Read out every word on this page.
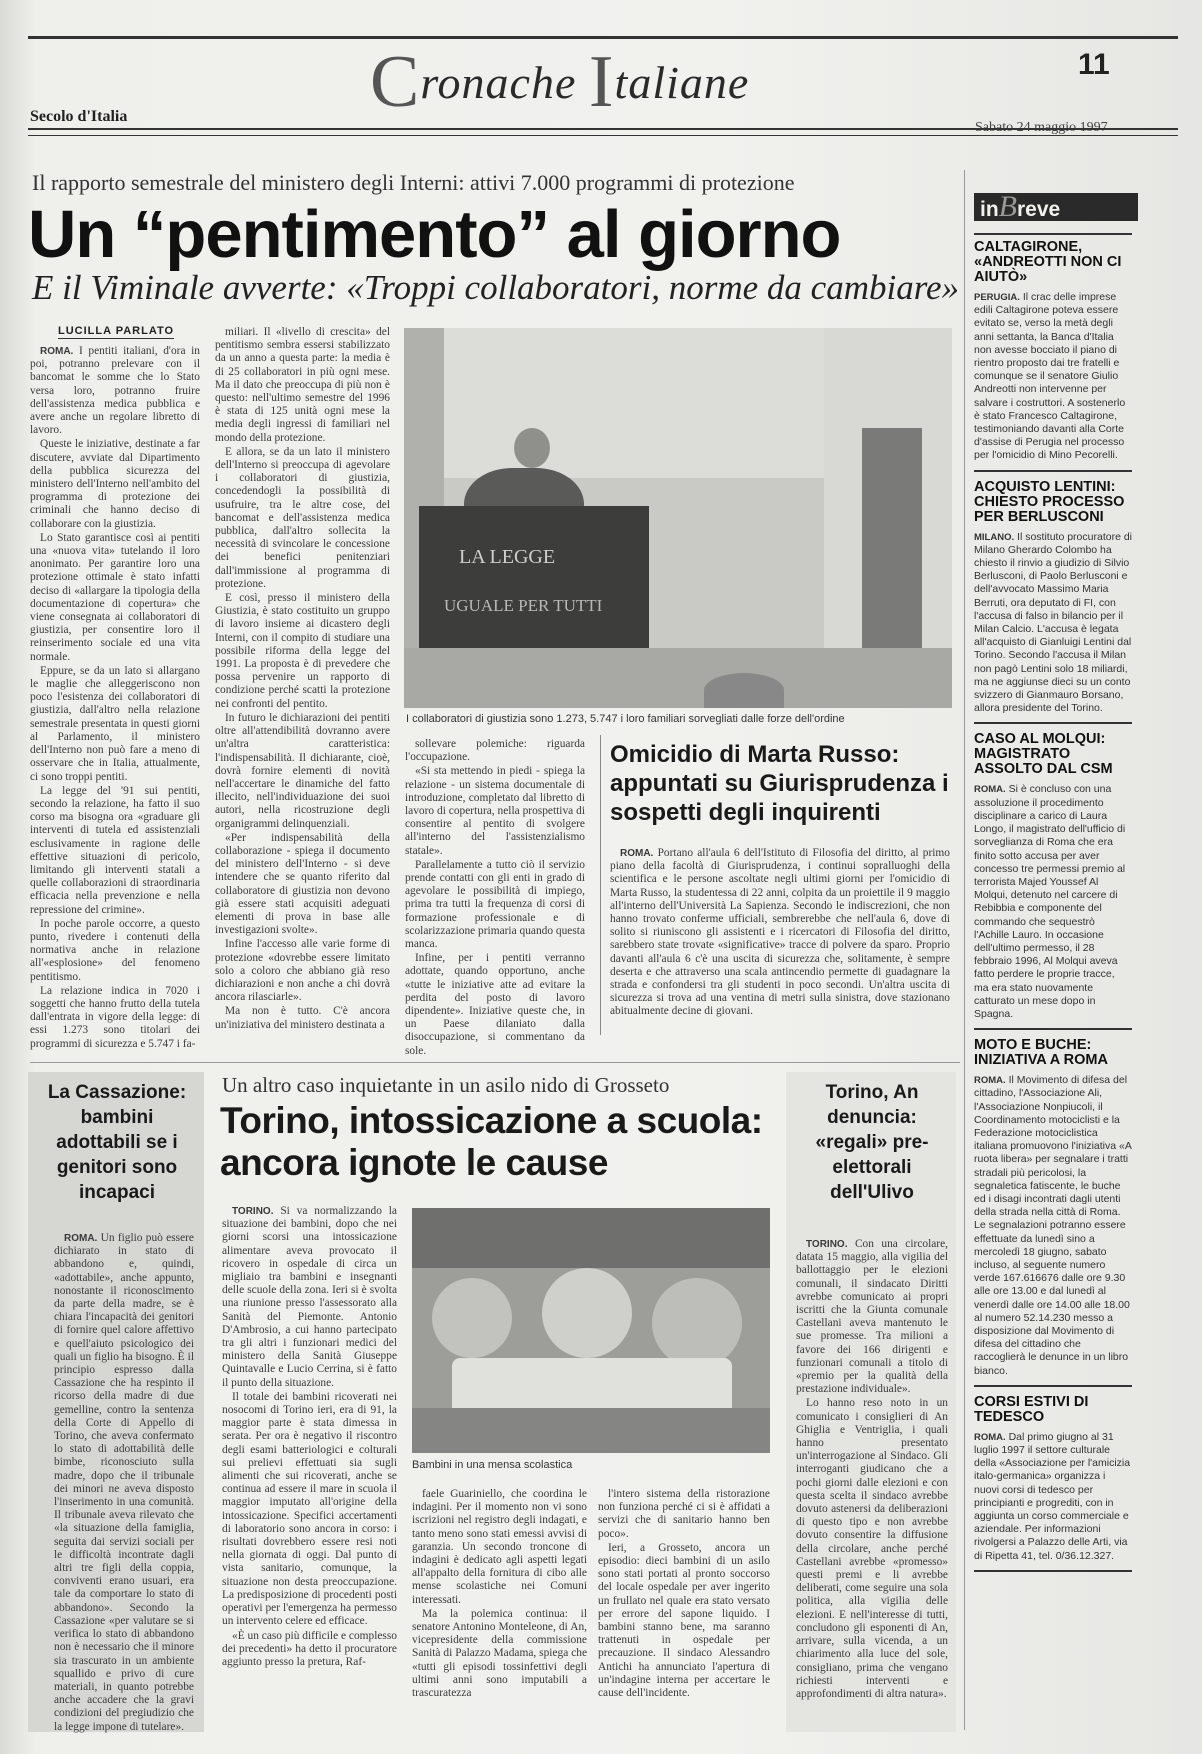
Cronache Italiane	11
Secolo d'Italia
Il rapporto semestrale del ministero degli Interni: attivi 7.000 programmi di protezione
Un “pentimento” al giorno
E il Viminale avverte: «Troppi collaboratori, norme da cambiare»
LUCILLA PARLATO

ROMA. I pentiti italiani, d'ora in poi, potranno prelevare con il bancomat le somme che lo Stato versa loro, potranno fruire dell'assistenza medica pubblica e avere anche un regolare libretto di lavoro.

Queste le iniziative, destinate a far discutere, avviate dal Dipartimento della pubblica sicurezza del ministero dell'Interno nell'ambito del programma di protezione dei criminali che hanno deciso di collaborare con la giustizia.

Lo Stato garantisce così ai pentiti una «nuova vita» tutelando il loro anonimato. Per garantire loro una protezione ottimale è stato infatti deciso di «allargare la tipologia della documentazione di copertura» che viene consegnata ai collaboratori di giustizia, per consentire loro il reinserimento sociale ed una vita normale.

Eppure, se da un lato si allargano le maglie che alleggeriscono non poco l'esistenza dei collaboratori di giustizia, dall'altro nella relazione semestrale presentata in questi giorni al Parlamento, il ministero dell'Interno non può fare a meno di osservare che in Italia, attualmente, ci sono troppi pentiti.

La legge del '91 sui pentiti, secondo la relazione, ha fatto il suo corso ma bisogna ora «graduare gli interventi di tutela ed assistenziali esclusivamente in ragione delle effettive situazioni di pericolo, limitando gli interventi statali a quelle collaborazioni di straordinaria efficacia nella prevenzione e nella repressione del crimine».

In poche parole occorre, a questo punto, rivedere i contenuti della normativa anche in relazione all'«esplosione» del fenomeno pentitismo.

La relazione indica in 7020 i soggetti che hanno frutto della tutela dall'entrata in vigore della legge: di essi 1.273 sono titolari dei programmi di sicurezza e 5.747 i fa-

miliari. Il «livello di crescita» del pentitismo sembra essersi stabilizzato da un anno a questa parte: la media è di 25 collaboratori in più ogni mese. Ma il dato che preoccupa di più non è questo: nell'ultimo semestre del 1996 è stata di 125 unità ogni mese la media degli ingressi di familiari nel mondo della protezione.

E allora, se da un lato il ministero dell'Interno si preoccupa di agevolare i collaboratori di giustizia, concedendogli la possibilità di usufruire, tra le altre cose, del bancomat e dell'assistenza medica pubblica, dall'altro sollecita la necessità di svincolare le concessione dei benefici penitenziari dall'immissione al programma di protezione.

E così, presso il ministero della Giustizia, è stato costituito un gruppo di lavoro insieme ai dicastero degli Interni, con il compito di studiare una possibile riforma della legge del 1991. La proposta è di prevedere che possa pervenire un rapporto di condizione perché scatti la protezione nei confronti del pentito.

In futuro le dichiarazioni dei pentiti oltre all'attendibilità dovranno avere un'altra caratteristica: l'indispensabilità. Il dichiarante, cioè, dovrà fornire elementi di novità nell'accertare le dinamiche del fatto illecito, nell'individuazione dei suoi autori, nella ricostruzione degli organigrammi delinquenziali.

«Per indispensabilità della collaborazione - spiega il documento del ministero dell'Interno - si deve intendere che se quanto riferito dal collaboratore di giustizia non devono già essere stati acquisiti adeguati elementi di prova in base alle investigazioni svolte».

Infine l'accesso alle varie forme di protezione «dovrebbe essere limitato solo a coloro che abbiano già reso dichiarazioni e non anche a chi dovrà ancora rilasciarle».

Ma non è tutto. C'è ancora un'iniziativa del ministero destinata a

sollevare polemiche: riguarda l'occupazione.

«Si sta mettendo in piedi - spiega la relazione - un sistema documentale di introduzione, completato dal libretto di lavoro di copertura, nella prospettiva di consentire al pentito di svolgere all'interno del l'assistenzialismo statale».

Parallelamente a tutto ciò il servizio prende contatti con gli enti in grado di agevolare le possibilità di impiego, prima tra tutti la frequenza di corsi di formazione professionale e di scolarizzazione primaria quando questa manca.

Infine, per i pentiti verranno adottate, quando opportuno, anche «tutte le iniziative atte ad evitare la perdita del posto di lavoro dipendente». Iniziative queste che, in un Paese dilaniato dalla disoccupazione, si commentano da sole.

LA LEGGE
UGUALE PER TUTTI
I collaboratori di giustizia sono 1.273, 5.747 i loro familiari sorvegliati dalle forze dell'ordine
Omicidio di Marta Russo: appuntati su Giurisprudenza i sospetti degli inquirenti

ROMA. Portano all'aula 6 dell'Istituto di Filosofia del diritto, al primo piano della facoltà di Giurisprudenza, i continui sopralluoghi della scientifica e le persone ascoltate negli ultimi giorni per l'omicidio di Marta Russo, la studentessa di 22 anni, colpita da un proiettile il 9 maggio all'interno dell'Università La Sapienza. Secondo le indiscrezioni, che non hanno trovato conferme ufficiali, sembrerebbe che nell'aula 6, dove di solito si riuniscono gli assistenti e i ricercatori di Filosofia del diritto, sarebbero state trovate «significative» tracce di polvere da sparo. Proprio davanti all'aula 6 c'è una uscita di sicurezza che, solitamente, è sempre deserta e che attraverso una scala antincendio permette di guadagnare la strada e confondersi tra gli studenti in poco secondi. Un'altra uscita di sicurezza si trova ad una ventina di metri sulla sinistra, dove stazionano abitualmente decine di giovani.

inBreve
CALTAGIRONE, «ANDREOTTI NON CI AIUTÒ»
PERUGIA. Il crac delle imprese edili Caltagirone poteva essere evitato se, verso la metà degli anni settanta, la Banca d'Italia non avesse bocciato il piano di rientro proposto dai tre fratelli e comunque se il senatore Giulio Andreotti non intervenne per salvare i costruttori. A sostenerlo è stato Francesco Caltagirone, testimoniando davanti alla Corte d'assise di Perugia nel processo per l'omicidio di Mino Pecorelli.
ACQUISTO LENTINI: CHIESTO PROCESSO PER BERLUSCONI
MILANO. Il sostituto procuratore di Milano Gherardo Colombo ha chiesto il rinvio a giudizio di Silvio Berlusconi, di Paolo Berlusconi e dell'avvocato Massimo Maria Berruti, ora deputato di FI, con l'accusa di falso in bilancio per il Milan Calcio. L'accusa è legata all'acquisto di Gianluigi Lentini dal Torino. Secondo l'accusa il Milan non pagò Lentini solo 18 miliardi, ma ne aggiunse dieci su un conto svizzero di Gianmauro Borsano, allora presidente del Torino.
CASO AL MOLQUI: MAGISTRATO ASSOLTO DAL CSM
ROMA. Si è concluso con una assoluzione il procedimento disciplinare a carico di Laura Longo, il magistrato dell'ufficio di sorveglianza di Roma che era finito sotto accusa per aver concesso tre permessi premio al terrorista Majed Youssef Al Molqui, detenuto nel carcere di Rebibbia e componente del commando che sequestrò l'Achille Lauro. In occasione dell'ultimo permesso, il 28 febbraio 1996, Al Molqui aveva fatto perdere le proprie tracce, ma era stato nuovamente catturato un mese dopo in Spagna.
MOTO E BUCHE: INIZIATIVA A ROMA
ROMA. Il Movimento di difesa del cittadino, l'Associazione Ali, l'Associazione Nonpiucoli, il Coordinamento motociclisti e la Federazione motociclistica italiana promuovono l'iniziativa «A ruota libera» per segnalare i tratti stradali più pericolosi, la segnaletica fatiscente, le buche ed i disagi incontrati dagli utenti della strada nella città di Roma. Le segnalazioni potranno essere effettuate da lunedì sino a mercoledì 18 giugno, sabato incluso, al seguente numero verde 167.616676 dalle ore 9.30 alle ore 13.00 e dal lunedì al venerdì dalle ore 14.00 alle 18.00 al numero 52.14.230 messo a disposizione dal Movimento di difesa del cittadino che raccoglierà le denunce in un libro bianco.
CORSI ESTIVI DI TEDESCO
ROMA. Dal primo giugno al 31 luglio 1997 il settore culturale della «Associazione per l'amicizia italo-germanica» organizza i nuovi corsi di tedesco per principianti e progrediti, con in aggiunta un corso commerciale e aziendale. Per informazioni rivolgersi a Palazzo delle Arti, via di Ripetta 41, tel. 0/36.12.327.
La Cassazione: bambini adottabili se i genitori sono incapaci

ROMA. Un figlio può essere dichiarato in stato di abbandono e, quindi, «adottabile», anche appunto, nonostante il riconoscimento da parte della madre, se è chiara l'incapacità dei genitori di fornire quel calore affettivo e quell'aiuto psicologico dei quali un figlio ha bisogno. È il principio espresso dalla Cassazione che ha respinto il ricorso della madre di due gemelline, contro la sentenza della Corte di Appello di Torino, che aveva confermato lo stato di adottabilità delle bimbe, riconosciuto sulla madre, dopo che il tribunale dei minori ne aveva disposto l'inserimento in una comunità. Il tribunale aveva rilevato che «la situazione della famiglia, seguita dai servizi sociali per le difficoltà incontrate dagli altri tre figli della coppia, conviventi erano usuari, era tale da comportare lo stato di abbandono». Secondo la Cassazione «per valutare se si verifica lo stato di abbandono non è necessario che il minore sia trascurato in un ambiente squallido e privo di cure materiali, in quanto potrebbe anche accadere che la gravi condizioni del pregiudizio che la legge impone di tutelare».

Un altro caso inquietante in un asilo nido di Grosseto
Torino, intossicazione a scuola: ancora ignote le cause

TORINO. Si va normalizzando la situazione dei bambini, dopo che nei giorni scorsi una intossicazione alimentare aveva provocato il ricovero in ospedale di circa un migliaio tra bambini e insegnanti delle scuole della zona. Ieri si è svolta una riunione presso l'assessorato alla Sanità del Piemonte. Antonio D'Ambrosio, a cui hanno partecipato tra gli altri i funzionari medici del ministero della Sanità Giuseppe Quintavalle e Lucio Cerrina, si è fatto il punto della situazione.

Il totale dei bambini ricoverati nei nosocomi di Torino ieri, era di 91, la maggior parte è stata dimessa in serata. Per ora è negativo il riscontro degli esami batteriologici e colturali sui prelievi effettuati sia sugli alimenti che sui ricoverati, anche se continua ad essere il mare in scuola il maggior imputato all'origine della intossicazione. Specifici accertamenti di laboratorio sono ancora in corso: i risultati dovrebbero essere resi noti nella giornata di oggi. Dal punto di vista sanitario, comunque, la situazione non desta preoccupazione. La predisposizione di procedenti posti operativi per l'emergenza ha permesso un intervento celere ed efficace.

«È un caso più difficile e complesso dei precedenti» ha detto il procuratore aggiunto presso la pretura, Raf-

Bambini in una mensa scolastica

faele Guariniello, che coordina le indagini. Per il momento non vi sono iscrizioni nel registro degli indagati, e tanto meno sono stati emessi avvisi di garanzia. Un secondo troncone di indagini è dedicato agli aspetti legati all'appalto della fornitura di cibo alle mense scolastiche nei Comuni interessati.

Ma la polemica continua: il senatore Antonino Monteleone, di An, vicepresidente della commissione Sanità di Palazzo Madama, spiega che «tutti gli episodi tossinfettivi degli ultimi anni sono imputabili a trascuratezza

l'intero sistema della ristorazione non funziona perché ci si è affidati a servizi che di sanitario hanno ben poco».

Ieri, a Grosseto, ancora un episodio: dieci bambini di un asilo sono stati portati al pronto soccorso del locale ospedale per aver ingerito un frullato nel quale era stato versato per errore del sapone liquido. I bambini stanno bene, ma saranno trattenuti in ospedale per precauzione. Il sindaco Alessandro Antichi ha annunciato l'apertura di un'indagine interna per accertare le cause dell'incidente.

Torino, An denuncia: «regali» pre-elettorali dell'Ulivo

TORINO. Con una circolare, datata 15 maggio, alla vigilia del ballottaggio per le elezioni comunali, il sindacato Diritti avrebbe comunicato ai propri iscritti che la Giunta comunale Castellani aveva mantenuto le sue promesse. Tra milioni a favore dei 166 dirigenti e funzionari comunali a titolo di «premio per la qualità della prestazione individuale».

Lo hanno reso noto in un comunicato i consiglieri di An Ghiglia e Ventriglia, i quali hanno presentato un'interrogazione al Sindaco. Gli interroganti giudicano che a pochi giorni dalle elezioni e con questa scelta il sindaco avrebbe dovuto astenersi da deliberazioni di questo tipo e non avrebbe dovuto consentire la diffusione della circolare, anche perché Castellani avrebbe «promesso» questi premi e li avrebbe deliberati, come seguire una sola politica, alla vigilia delle elezioni. E nell'interesse di tutti, concludono gli esponenti di An, arrivare, sulla vicenda, a un chiarimento alla luce del sole, consigliano, prima che vengano richiesti interventi e approfondimenti di altra natura».
